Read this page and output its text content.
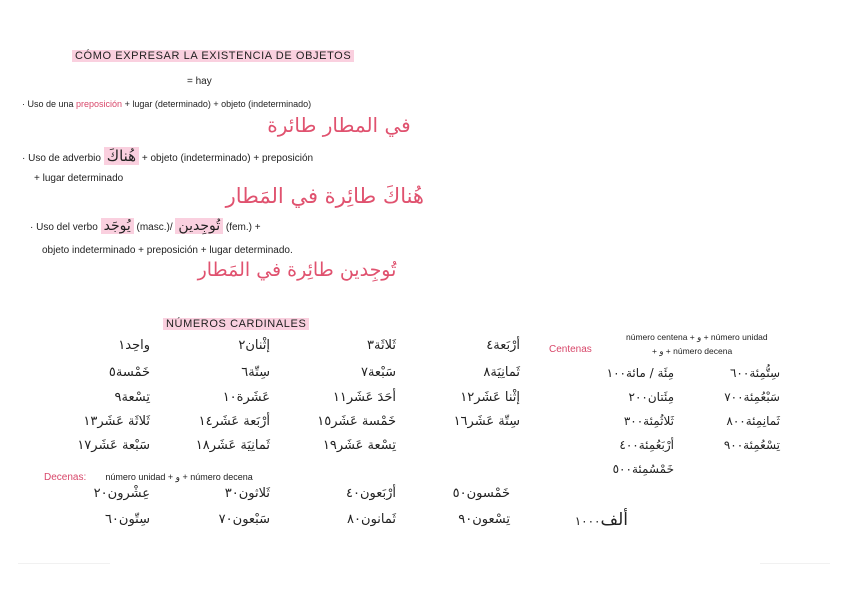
CÓMO EXPRESAR LA EXISTENCIA DE OBJETOS
= hay
· Uso de una preposición + lugar (determinado) + objeto (indeterminado)
في المطار طائرة
· Uso de adverbio هُناكَ + objeto (indeterminado) + preposición
+ lugar determinado
هُناكَ طائِرة في المَطار
· Uso del verbo يُوجَد (masc.)/ تُوجِدين (fem.) +
objeto indeterminado + preposición + lugar determinado.
تُوجِدين طائِرة في المَطار
NÚMEROS CARDINALES
واحِد١	إثْنان٢	ثَلاثَة٣	أرْبَعة٤
خَمْسة٥	سِتّة٦	سَبْعة٧	ثَمانِيَة٨
تِسْعة٩	عَشَرة١٠	أحَدَ عَشَر١١	إثْنا عَشَر١٢
ثَلاثَة عَشَر١٣	أرْبَعة عَشَر١٤	خَمْسة عَشَر١٥	سِتّة عَشَر١٦
سَبْعة عَشَر١٧	ثَمانِيَة عَشَر١٨	تِسْعة عَشَر١٩
Decenas: número unidad + و + número decena
عِشْرون٢٠	ثَلاثون٣٠	أرْبَعون٤٠	خَمْسون٥٠
سِتّون٦٠	سَبْعون٧٠	ثَمانون٨٠	تِسْعون٩٠
Centenas
número centena + و + número unidad
+ و + número decena
مِئَة / مائة١٠٠	سِتُّمِئة٦٠٠
مِئَتان٢٠٠	سَبْعُمِئة٧٠٠
ثَلاثُمِئة٣٠٠	ثَمانِمِئة٨٠٠
أرْبَعُمِئة٤٠٠	تِسْعُمِئة٩٠٠
خَمْسُمِئة٥٠٠
ألف١٠٠٠
